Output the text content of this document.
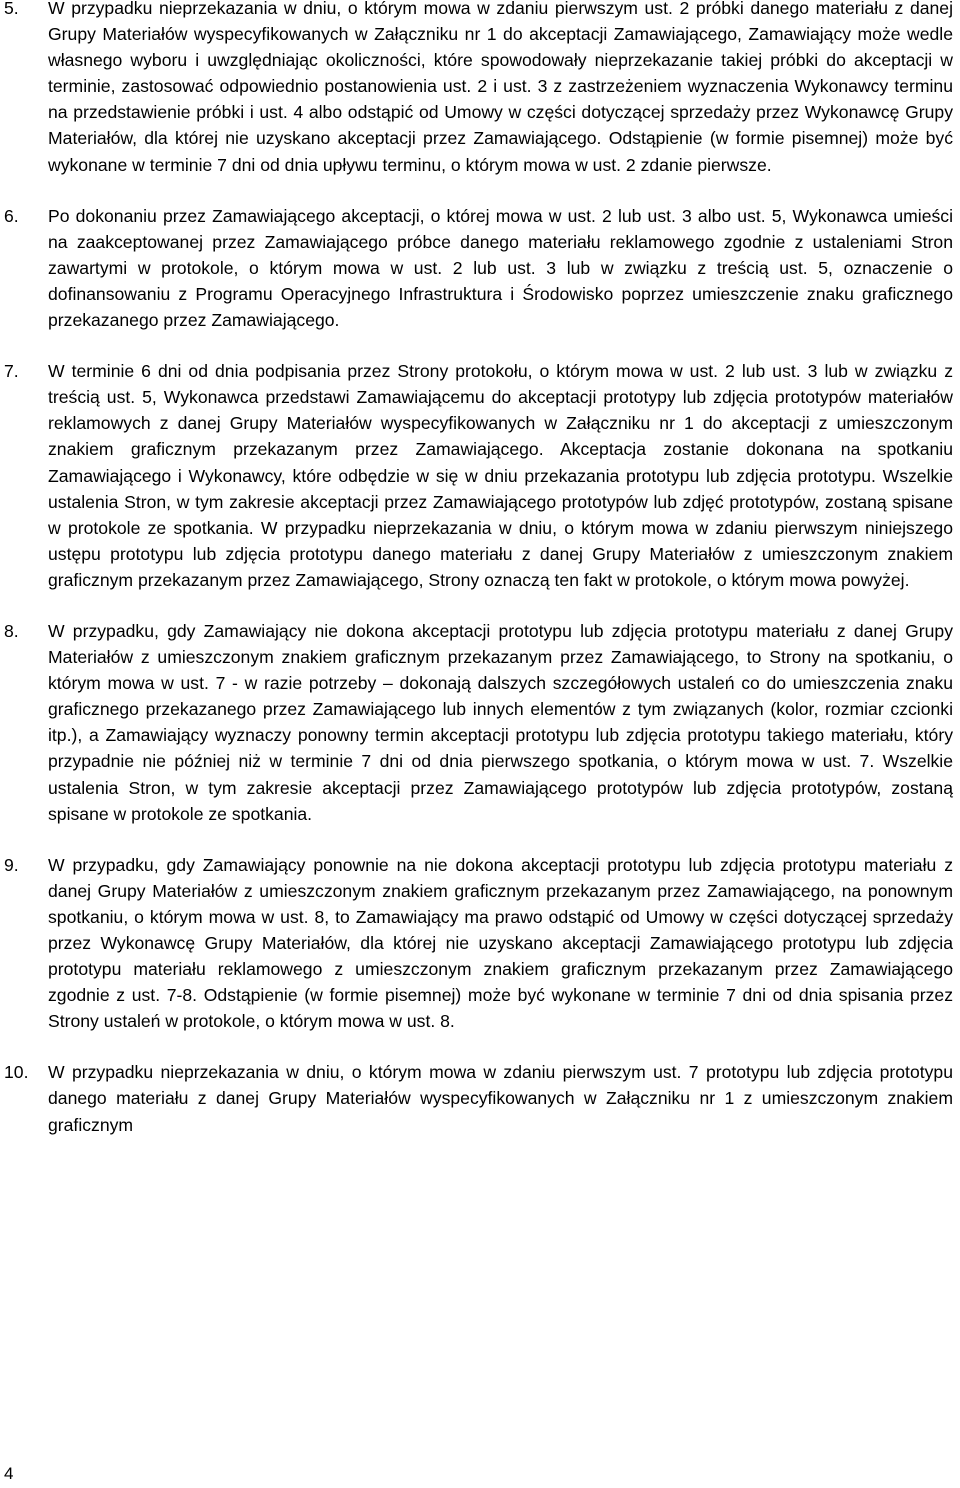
5.	W przypadku nieprzekazania w dniu, o którym mowa w zdaniu pierwszym ust. 2 próbki danego materiału z danej Grupy Materiałów wyspecyfikowanych w Załączniku nr 1 do akceptacji Zamawiającego, Zamawiający może wedle własnego wyboru i uwzględniając okoliczności, które spowodowały nieprzekazanie takiej próbki do akceptacji w terminie, zastosować odpowiednio postanowienia ust. 2 i ust. 3 z zastrzeżeniem wyznaczenia Wykonawcy terminu na przedstawienie próbki i ust. 4 albo odstąpić od Umowy w części dotyczącej sprzedaży przez Wykonawcę Grupy Materiałów, dla której nie uzyskano akceptacji przez Zamawiającego. Odstąpienie (w formie pisemnej) może być wykonane w terminie 7 dni od dnia upływu terminu, o którym mowa w ust. 2 zdanie pierwsze.
6.	Po dokonaniu przez Zamawiającego akceptacji, o której mowa w ust. 2 lub ust. 3 albo ust. 5, Wykonawca umieści na zaakceptowanej przez Zamawiającego próbce danego materiału reklamowego zgodnie z ustaleniami Stron zawartymi w protokole, o którym mowa w ust. 2 lub ust. 3 lub w związku z treścią ust. 5, oznaczenie o dofinansowaniu z Programu Operacyjnego Infrastruktura i Środowisko poprzez umieszczenie znaku graficznego przekazanego przez Zamawiającego.
7.	W terminie 6 dni od dnia podpisania przez Strony protokołu, o którym mowa w ust. 2 lub ust. 3 lub w związku z treścią ust. 5, Wykonawca przedstawi Zamawiającemu do akceptacji prototypy lub zdjęcia prototypów materiałów reklamowych z danej Grupy Materiałów wyspecyfikowanych w Załączniku nr 1 do akceptacji z umieszczonym znakiem graficznym przekazanym przez Zamawiającego. Akceptacja zostanie dokonana na spotkaniu Zamawiającego i Wykonawcy, które odbędzie w się w dniu przekazania prototypu lub zdjęcia prototypu. Wszelkie ustalenia Stron, w tym zakresie akceptacji przez Zamawiającego prototypów lub zdjęć prototypów, zostaną spisane w protokole ze spotkania. W przypadku nieprzekazania w dniu, o którym mowa w zdaniu pierwszym niniejszego ustępu prototypu lub zdjęcia prototypu danego materiału z danej Grupy Materiałów z umieszczonym znakiem graficznym przekazanym przez Zamawiającego, Strony oznaczą ten fakt w protokole, o którym mowa powyżej.
8.	W przypadku, gdy Zamawiający nie dokona akceptacji prototypu lub zdjęcia prototypu materiału z danej Grupy Materiałów z umieszczonym znakiem graficznym przekazanym przez Zamawiającego, to Strony na spotkaniu, o którym mowa w ust. 7 - w razie potrzeby – dokonają dalszych szczegółowych ustaleń co do umieszczenia znaku graficznego przekazanego przez Zamawiającego lub innych elementów z tym związanych (kolor, rozmiar czcionki itp.), a Zamawiający wyznaczy ponowny termin akceptacji prototypu lub zdjęcia prototypu takiego materiału, który przypadnie nie później niż w terminie 7 dni od dnia pierwszego spotkania, o którym mowa w ust. 7. Wszelkie ustalenia Stron, w tym zakresie akceptacji przez Zamawiającego prototypów lub zdjęcia prototypów, zostaną spisane w protokole ze spotkania.
9.	W przypadku, gdy Zamawiający ponownie na nie dokona akceptacji prototypu lub zdjęcia prototypu materiału z danej Grupy Materiałów z umieszczonym znakiem graficznym przekazanym przez Zamawiającego, na ponownym spotkaniu, o którym mowa w ust. 8, to Zamawiający ma prawo odstąpić od Umowy w części dotyczącej sprzedaży przez Wykonawcę Grupy Materiałów, dla której nie uzyskano akceptacji Zamawiającego prototypu lub zdjęcia prototypu materiału reklamowego z umieszczonym znakiem graficznym przekazanym przez Zamawiającego zgodnie z ust. 7-8. Odstąpienie (w formie pisemnej) może być wykonane w terminie 7 dni od dnia spisania przez Strony ustaleń w protokole, o którym mowa w ust. 8.
10.	W przypadku nieprzekazania w dniu, o którym mowa w zdaniu pierwszym ust. 7 prototypu lub zdjęcia prototypu danego materiału z danej Grupy Materiałów wyspecyfikowanych w Załączniku nr 1 z umieszczonym znakiem graficznym
4
